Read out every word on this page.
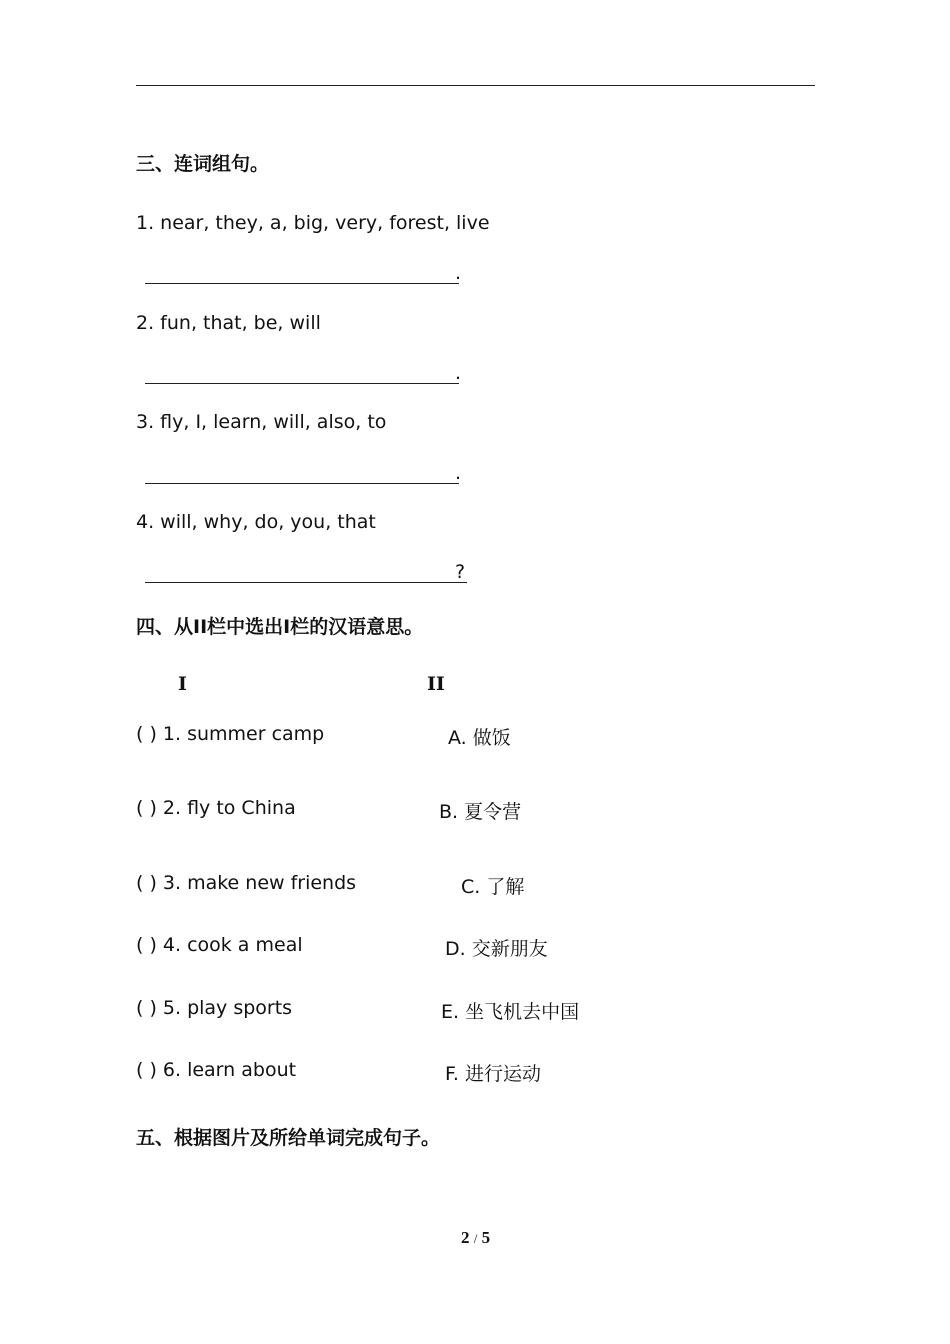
三、连词组句。
1. near, they, a, big, very, forest, live
.
2. fun, that, be, will
.
3. fly, I, learn, will, also, to
.
4. will, why, do, you, that
?
四、从II栏中选出I栏的汉语意思。
I	II
( ) 1. summer camp	A. 做饭
( ) 2. fly to China	B. 夏令营
( ) 3. make new friends	C. 了解
( ) 4. cook a meal	D. 交新朋友
( ) 5. play sports	E. 坐飞机去中国
( ) 6. learn about	F. 进行运动
五、根据图片及所给单词完成句子。
2 / 5
